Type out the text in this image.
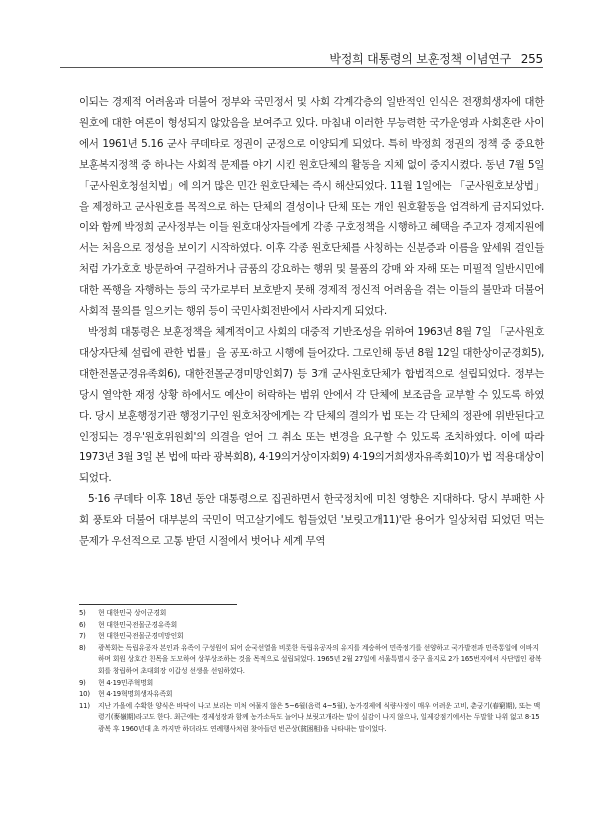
박정희 대통령의 보훈정책 이념연구 255

이되는 경제적 어려움과 더불어 정부와 국민정서 및 사회 각계각층의 일반적인 인식은 전쟁희생자에 대한 원호에 대한 여론이 형성되지 않았음을 보여주고 있다. 마침내 이러한 무능력한 국가운영과 사회혼란 사이에서 1961년 5.16 군사 쿠데타로 정권이 군정으로 이양되게 되었다. 특히 박정희 정권의 정책 중 중요한 보훈복지정책 중 하나는 사회적 문제를 야기 시킨 원호단체의 활동을 지체 없이 중지시켰다. 동년 7월 5일 「군사원호청설치법」에 의거 많은 민간 원호단체는 즉시 해산되었다. 11월 1일에는 「군사원호보상법」을 제정하고 군사원호를 목적으로 하는 단체의 결성이나 단체 또는 개인 원호활동을 엄격하게 금지되었다. 이와 함께 박정희 군사정부는 이들 원호대상자들에게 각종 구호정책을 시행하고 혜택을 주고자 경제지원에서는 처음으로 정성을 보이기 시작하였다. 이후 각종 원호단체를 사칭하는 신분증과 이름을 앞세워 걸인들처럼 가가호호 방문하여 구걸하거나 금품의 강요하는 행위 및 물품의 강매 와 자해 또는 미필적 일반시민에 대한 폭행을 자행하는 등의 국가로부터 보호받지 못해 경제적 정신적 어려움을 겪는 이들의 불만과 더불어 사회적 물의를 일으키는 행위 등이 국민사회전반에서 사라지게 되었다.

박정희 대통령은 보훈정책을 체계적이고 사회의 대중적 기반조성을 위하여 1963년 8월 7일 「군사원호대상자단체 설립에 관한 법률」을 공포·하고 시행에 들어갔다. 그로인해 동년 8월 12일 대한상이군경회5), 대한전몰군경유족회6), 대한전몰군경미망인회7) 등 3개 군사원호단체가 합법적으로 설립되었다. 정부는 당시 열악한 재정 상황 하에서도 예산이 허락하는 범위 안에서 각 단체에 보조금을 교부할 수 있도록 하였다. 당시 보훈행정기관 행정기구인 원호처장에게는 각 단체의 결의가 법 또는 각 단체의 정관에 위반된다고 인정되는 경우'원호위원회'의 의결을 얻어 그 취소 또는 변경을 요구할 수 있도록 조치하였다. 이에 따라 1973년 3월 3일 본 법에 따라 광복회8), 4·19의거상이자회9) 4·19의거희생자유족회10)가 법 적용대상이 되었다.

5·16 쿠데타 이후 18년 동안 대통령으로 집권하면서 한국정치에 미친 영향은 지대하다. 당시 부패한 사회 풍토와 더불어 대부분의 국민이 먹고살기에도 힘들었던 '보릿고개11)'란 용어가 일상처럼 되었던 먹는 문제가 우선적으로 고통 받던 시절에서 벗어나 세계 무역

5)	현 대한민국 상이군경회
6)	현 대한민국전몰군경유족회
7)	현 대한민국전몰군경미망인회
8)	광복회는 독립유공자 본인과 유족이 구성원이 되어 순국선열을 비롯한 독립유공자의 유지를 계승하여 민족정기를 선양하고 국가발전과 민족통일에 이바지하며 회원 상호간 친목을 도모하여 상부상조하는 것을 목적으로 설립되었다. 1965년 2월 27일에 서울특별시 중구 을지로 2가 165번지에서 사단법인 광복회를 창립하여 초대회장 이갑성 선생을 선임하였다.
9)	현 4·19민주혁명회
10)	현 4·19혁명희생자유족회
11)	지난 가을에 수확한 양식은 바닥이 나고 보리는 미처 여물지 않은 5~6월(음력 4~5월), 농가경제에 식량사정이 매우 어려운 고비, 춘궁기(春窮期), 또는 맥령기(麥嶺期)라고도 한다. 최근에는 경제성장과 함께 농가소득도 늘어나 보릿고개라는 말이 실감이 나지 않으나, 일제강점기에서는 두말할 나위 없고 8·15광복 후 1960년대 초 까지만 하더라도 연례행사처럼 찾아들던 빈곤상(貧困相)을 나타내는 말이었다.
